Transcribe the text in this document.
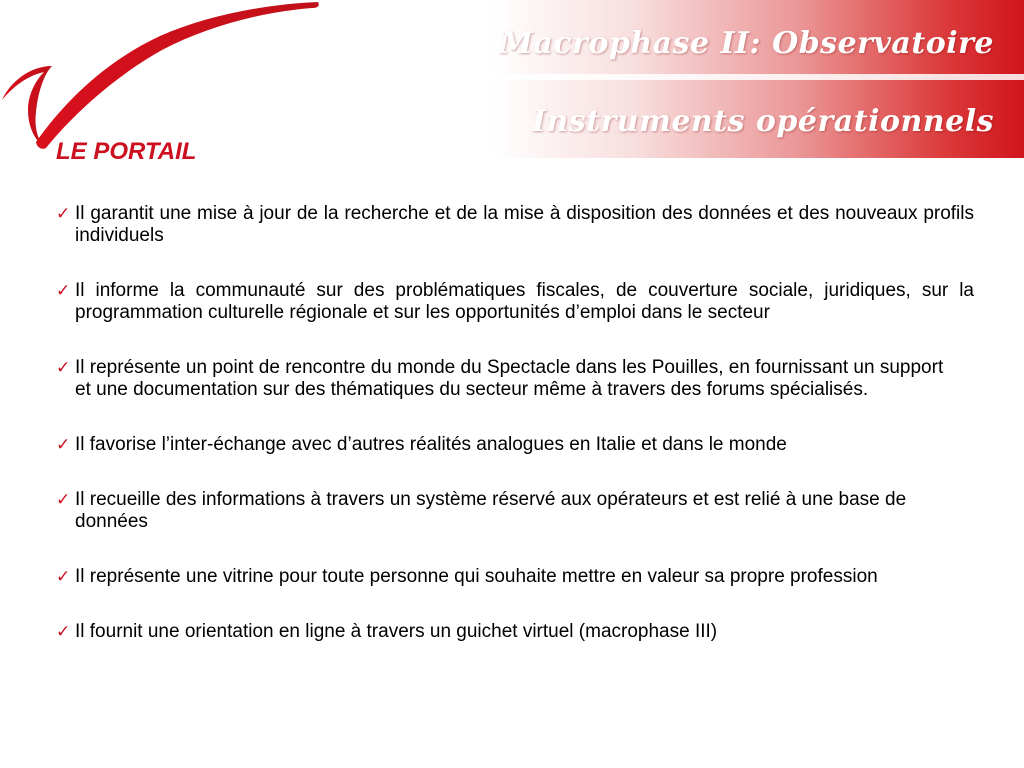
Macrophase II: Observatoire
Instruments opérationnels
LE PORTAIL
✓ Il garantit une mise à jour de la recherche et de la mise à disposition des données et des nouveaux profils individuels
✓ Il informe la communauté sur des problématiques fiscales, de couverture sociale, juridiques, sur la programmation culturelle régionale et sur les opportunités d’emploi dans le secteur
✓ Il représente un point de rencontre du monde du Spectacle dans les Pouilles, en fournissant un support et une documentation sur des thématiques du secteur même à travers des forums spécialisés.
✓ Il favorise l’inter-échange avec d’autres réalités analogues en Italie et dans le monde
✓ Il recueille des informations à travers un système réservé aux opérateurs et est relié à une base de données
✓ Il représente une vitrine pour toute personne qui souhaite mettre en valeur sa propre profession
✓ Il fournit une orientation en ligne à travers un guichet virtuel (macrophase III)
